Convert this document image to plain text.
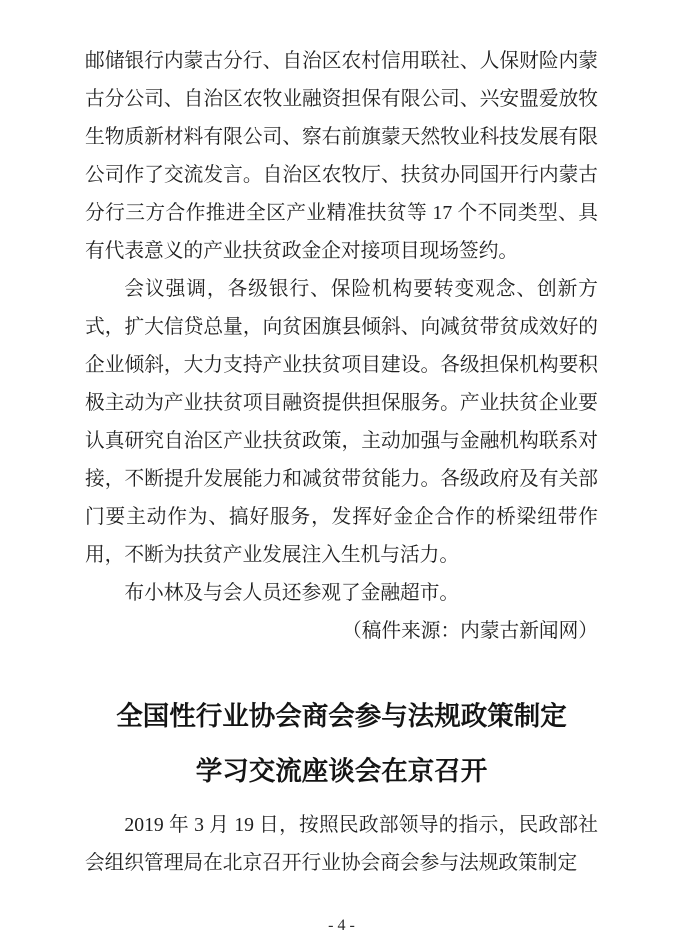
邮储银行内蒙古分行、自治区农村信用联社、人保财险内蒙古分公司、自治区农牧业融资担保有限公司、兴安盟爱放牧生物质新材料有限公司、察右前旗蒙天然牧业科技发展有限公司作了交流发言。自治区农牧厅、扶贫办同国开行内蒙古分行三方合作推进全区产业精准扶贫等 17 个不同类型、具有代表意义的产业扶贫政金企对接项目现场签约。

会议强调，各级银行、保险机构要转变观念、创新方式，扩大信贷总量，向贫困旗县倾斜、向减贫带贫成效好的企业倾斜，大力支持产业扶贫项目建设。各级担保机构要积极主动为产业扶贫项目融资提供担保服务。产业扶贫企业要认真研究自治区产业扶贫政策，主动加强与金融机构联系对接，不断提升发展能力和减贫带贫能力。各级政府及有关部门要主动作为、搞好服务，发挥好金企合作的桥梁纽带作用，不断为扶贫产业发展注入生机与活力。

布小林及与会人员还参观了金融超市。

（稿件来源：内蒙古新闻网）

全国性行业协会商会参与法规政策制定
学习交流座谈会在京召开

2019 年 3 月 19 日，按照民政部领导的指示，民政部社会组织管理局在北京召开行业协会商会参与法规政策制定

- 4 -
